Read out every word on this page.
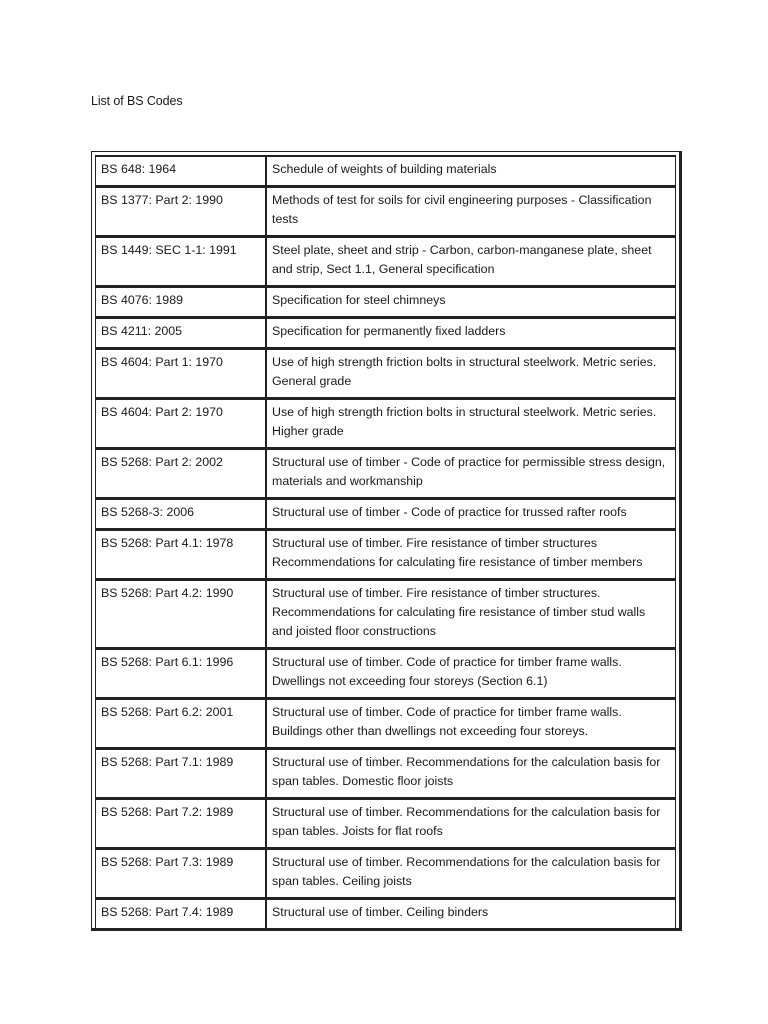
List of BS Codes
BS 648: 1964	Schedule of weights of building materials
BS 1377: Part 2: 1990	Methods of test for soils for civil engineering purposes - Classification tests
BS 1449: SEC 1-1: 1991	Steel plate, sheet and strip - Carbon, carbon-manganese plate, sheet and strip, Sect 1.1, General specification
BS 4076: 1989	Specification for steel chimneys
BS 4211: 2005	Specification for permanently fixed ladders
BS 4604: Part 1: 1970	Use of high strength friction bolts in structural steelwork. Metric series. General grade
BS 4604: Part 2: 1970	Use of high strength friction bolts in structural steelwork. Metric series. Higher grade
BS 5268: Part 2: 2002	Structural use of timber - Code of practice for permissible stress design, materials and workmanship
BS 5268-3: 2006	Structural use of timber - Code of practice for trussed rafter roofs
BS 5268: Part 4.1: 1978	Structural use of timber. Fire resistance of timber structures Recommendations for calculating fire resistance of timber members
BS 5268: Part 4.2: 1990	Structural use of timber. Fire resistance of timber structures. Recommendations for calculating fire resistance of timber stud walls and joisted floor constructions
BS 5268: Part 6.1: 1996	Structural use of timber. Code of practice for timber frame walls. Dwellings not exceeding four storeys (Section 6.1)
BS 5268: Part 6.2: 2001	Structural use of timber. Code of practice for timber frame walls. Buildings other than dwellings not exceeding four storeys.
BS 5268: Part 7.1: 1989	Structural use of timber. Recommendations for the calculation basis for span tables. Domestic floor joists
BS 5268: Part 7.2: 1989	Structural use of timber. Recommendations for the calculation basis for span tables. Joists for flat roofs
BS 5268: Part 7.3: 1989	Structural use of timber. Recommendations for the calculation basis for span tables. Ceiling joists
BS 5268: Part 7.4: 1989	Structural use of timber. Ceiling binders
